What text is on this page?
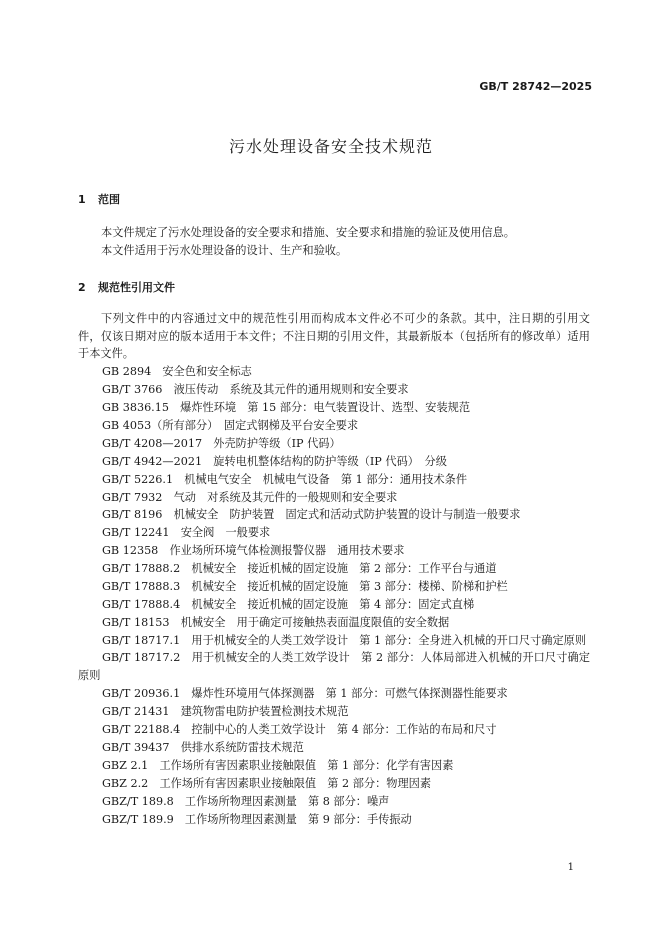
GB/T 28742—2025
污水处理设备安全技术规范
1 范围
本文件规定了污水处理设备的安全要求和措施、安全要求和措施的验证及使用信息。
本文件适用于污水处理设备的设计、生产和验收。
2 规范性引用文件
下列文件中的内容通过文中的规范性引用而构成本文件必不可少的条款。其中，注日期的引用文件，仅该日期对应的版本适用于本文件；不注日期的引用文件，其最新版本（包括所有的修改单）适用于本文件。
GB 2894　安全色和安全标志
GB/T 3766　液压传动　系统及其元件的通用规则和安全要求
GB 3836.15　爆炸性环境　第 15 部分：电气装置设计、选型、安装规范
GB 4053（所有部分）　固定式钢梯及平台安全要求
GB/T 4208—2017　外壳防护等级（IP 代码）
GB/T 4942—2021　旋转电机整体结构的防护等级（IP 代码）　分级
GB/T 5226.1　机械电气安全　机械电气设备　第 1 部分：通用技术条件
GB/T 7932　气动　对系统及其元件的一般规则和安全要求
GB/T 8196　机械安全　防护装置　固定式和活动式防护装置的设计与制造一般要求
GB/T 12241　安全阀　一般要求
GB 12358　作业场所环境气体检测报警仪器　通用技术要求
GB/T 17888.2　机械安全　接近机械的固定设施　第 2 部分：工作平台与通道
GB/T 17888.3　机械安全　接近机械的固定设施　第 3 部分：楼梯、阶梯和护栏
GB/T 17888.4　机械安全　接近机械的固定设施　第 4 部分：固定式直梯
GB/T 18153　机械安全　用于确定可接触热表面温度限值的安全数据
GB/T 18717.1　用于机械安全的人类工效学设计　第 1 部分：全身进入机械的开口尺寸确定原则
GB/T 18717.2　用于机械安全的人类工效学设计　第 2 部分：人体局部进入机械的开口尺寸确定原则
GB/T 20936.1　爆炸性环境用气体探测器　第 1 部分：可燃气体探测器性能要求
GB/T 21431　建筑物雷电防护装置检测技术规范
GB/T 22188.4　控制中心的人类工效学设计　第 4 部分：工作站的布局和尺寸
GB/T 39437　供排水系统防雷技术规范
GBZ 2.1　工作场所有害因素职业接触限值　第 1 部分：化学有害因素
GBZ 2.2　工作场所有害因素职业接触限值　第 2 部分：物理因素
GBZ/T 189.8　工作场所物理因素测量　第 8 部分：噪声
GBZ/T 189.9　工作场所物理因素测量　第 9 部分：手传振动
1
